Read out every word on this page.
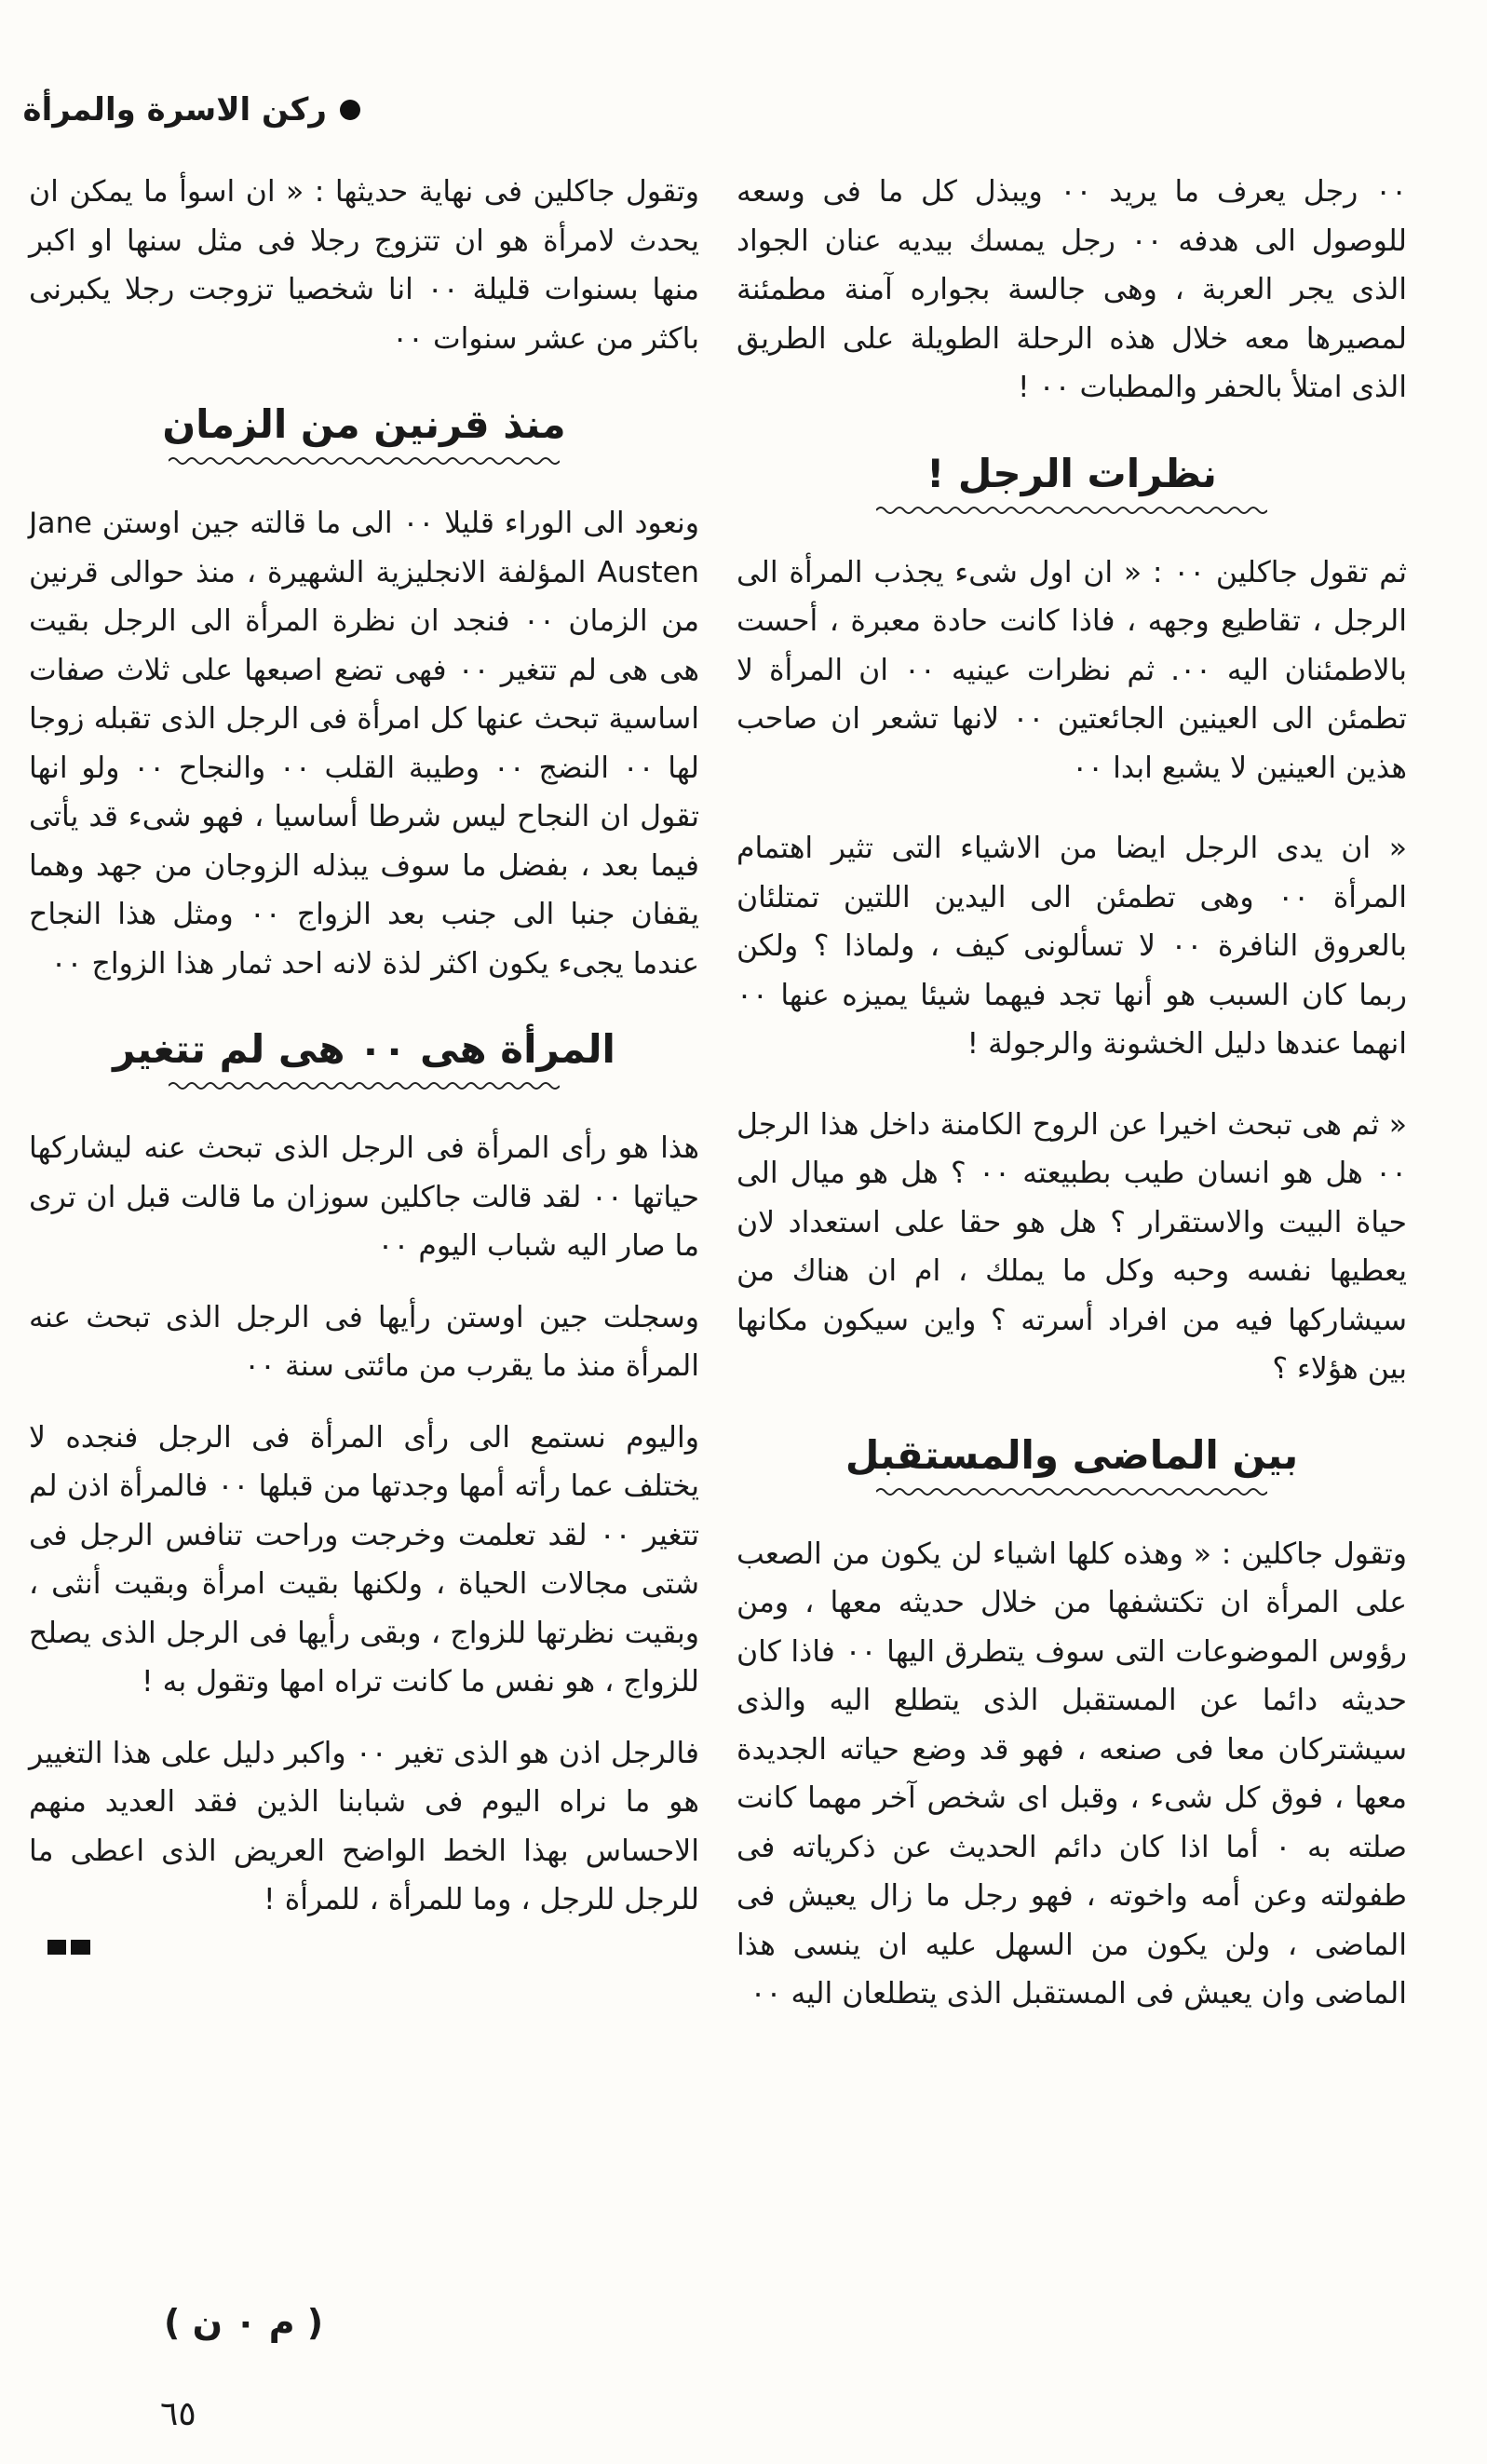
ركن الاسرة والمرأة

٠٠ رجل يعرف ما يريد ٠٠ ويبذل كل ما فى وسعه للوصول الى هدفه ٠٠ رجل يمسك بيديه عنان الجواد الذى يجر العربة ، وهى جالسة بجواره آمنة مطمئنة لمصيرها معه خلال هذه الرحلة الطويلة على الطريق الذى امتلأ بالحفر والمطبات ٠٠ !

نظرات الرجل !

ثم تقول جاكلين ٠٠ : « ان اول شىء يجذب المرأة الى الرجل ، تقاطيع وجهه ، فاذا كانت حادة معبرة ، أحست بالاطمئنان اليه ٠٠. ثم نظرات عينيه ٠٠ ان المرأة لا تطمئن الى العينين الجائعتين ٠٠ لانها تشعر ان صاحب هذين العينين لا يشبع ابدا ٠٠

« ان يدى الرجل ايضا من الاشياء التى تثير اهتمام المرأة ٠٠ وهى تطمئن الى اليدين اللتين تمتلئان بالعروق النافرة ٠٠ لا تسألونى كيف ، ولماذا ؟ ولكن ربما كان السبب هو أنها تجد فيهما شيئا يميزه عنها ٠٠ انهما عندها دليل الخشونة والرجولة !

« ثم هى تبحث اخيرا عن الروح الكامنة داخل هذا الرجل ٠٠ هل هو انسان طيب بطبيعته ٠٠ ؟ هل هو ميال الى حياة البيت والاستقرار ؟ هل هو حقا على استعداد لان يعطيها نفسه وحبه وكل ما يملك ، ام ان هناك من سيشاركها فيه من افراد أسرته ؟ واين سيكون مكانها بين هؤلاء ؟

بين الماضى والمستقبل

وتقول جاكلين : « وهذه كلها اشياء لن يكون من الصعب على المرأة ان تكتشفها من خلال حديثه معها ، ومن رؤوس الموضوعات التى سوف يتطرق اليها ٠٠ فاذا كان حديثه دائما عن المستقبل الذى يتطلع اليه والذى سيشتركان معا فى صنعه ، فهو قد وضع حياته الجديدة معها ، فوق كل شىء ، وقبل اى شخص آخر مهما كانت صلته به ٠ أما اذا كان دائم الحديث عن ذكرياته فى طفولته وعن أمه واخوته ، فهو رجل ما زال يعيش فى الماضى ، ولن يكون من السهل عليه ان ينسى هذا الماضى وان يعيش فى المستقبل الذى يتطلعان اليه ٠٠

وتقول جاكلين فى نهاية حديثها : « ان اسوأ ما يمكن ان يحدث لامرأة هو ان تتزوج رجلا فى مثل سنها او اكبر منها بسنوات قليلة ٠٠ انا شخصيا تزوجت رجلا يكبرنى باكثر من عشر سنوات ٠٠

منذ قرنين من الزمان

ونعود الى الوراء قليلا ٠٠ الى ما قالته جين اوستن Jane Austen المؤلفة الانجليزية الشهيرة ، منذ حوالى قرنين من الزمان ٠٠ فنجد ان نظرة المرأة الى الرجل بقيت هى هى لم تتغير ٠٠ فهى تضع اصبعها على ثلاث صفات اساسية تبحث عنها كل امرأة فى الرجل الذى تقبله زوجا لها ٠٠ النضج ٠٠ وطيبة القلب ٠٠ والنجاح ٠٠ ولو انها تقول ان النجاح ليس شرطا أساسيا ، فهو شىء قد يأتى فيما بعد ، بفضل ما سوف يبذله الزوجان من جهد وهما يقفان جنبا الى جنب بعد الزواج ٠٠ ومثل هذا النجاح عندما يجىء يكون اكثر لذة لانه احد ثمار هذا الزواج ٠٠

المرأة هى ٠٠ هى لم تتغير

هذا هو رأى المرأة فى الرجل الذى تبحث عنه ليشاركها حياتها ٠٠ لقد قالت جاكلين سوزان ما قالت قبل ان ترى ما صار اليه شباب اليوم ٠٠

وسجلت جين اوستن رأيها فى الرجل الذى تبحث عنه المرأة منذ ما يقرب من مائتى سنة ٠٠

واليوم نستمع الى رأى المرأة فى الرجل فنجده لا يختلف عما رأته أمها وجدتها من قبلها ٠٠ فالمرأة اذن لم تتغير ٠٠ لقد تعلمت وخرجت وراحت تنافس الرجل فى شتى مجالات الحياة ، ولكنها بقيت امرأة وبقيت أنثى ، وبقيت نظرتها للزواج ، وبقى رأيها فى الرجل الذى يصلح للزواج ، هو نفس ما كانت تراه امها وتقول به !

فالرجل اذن هو الذى تغير ٠٠ واكبر دليل على هذا التغيير هو ما نراه اليوم فى شبابنا الذين فقد العديد منهم الاحساس بهذا الخط الواضح العريض الذى اعطى ما للرجل للرجل ، وما للمرأة ، للمرأة !

( م ٠ ن )
٦٥
